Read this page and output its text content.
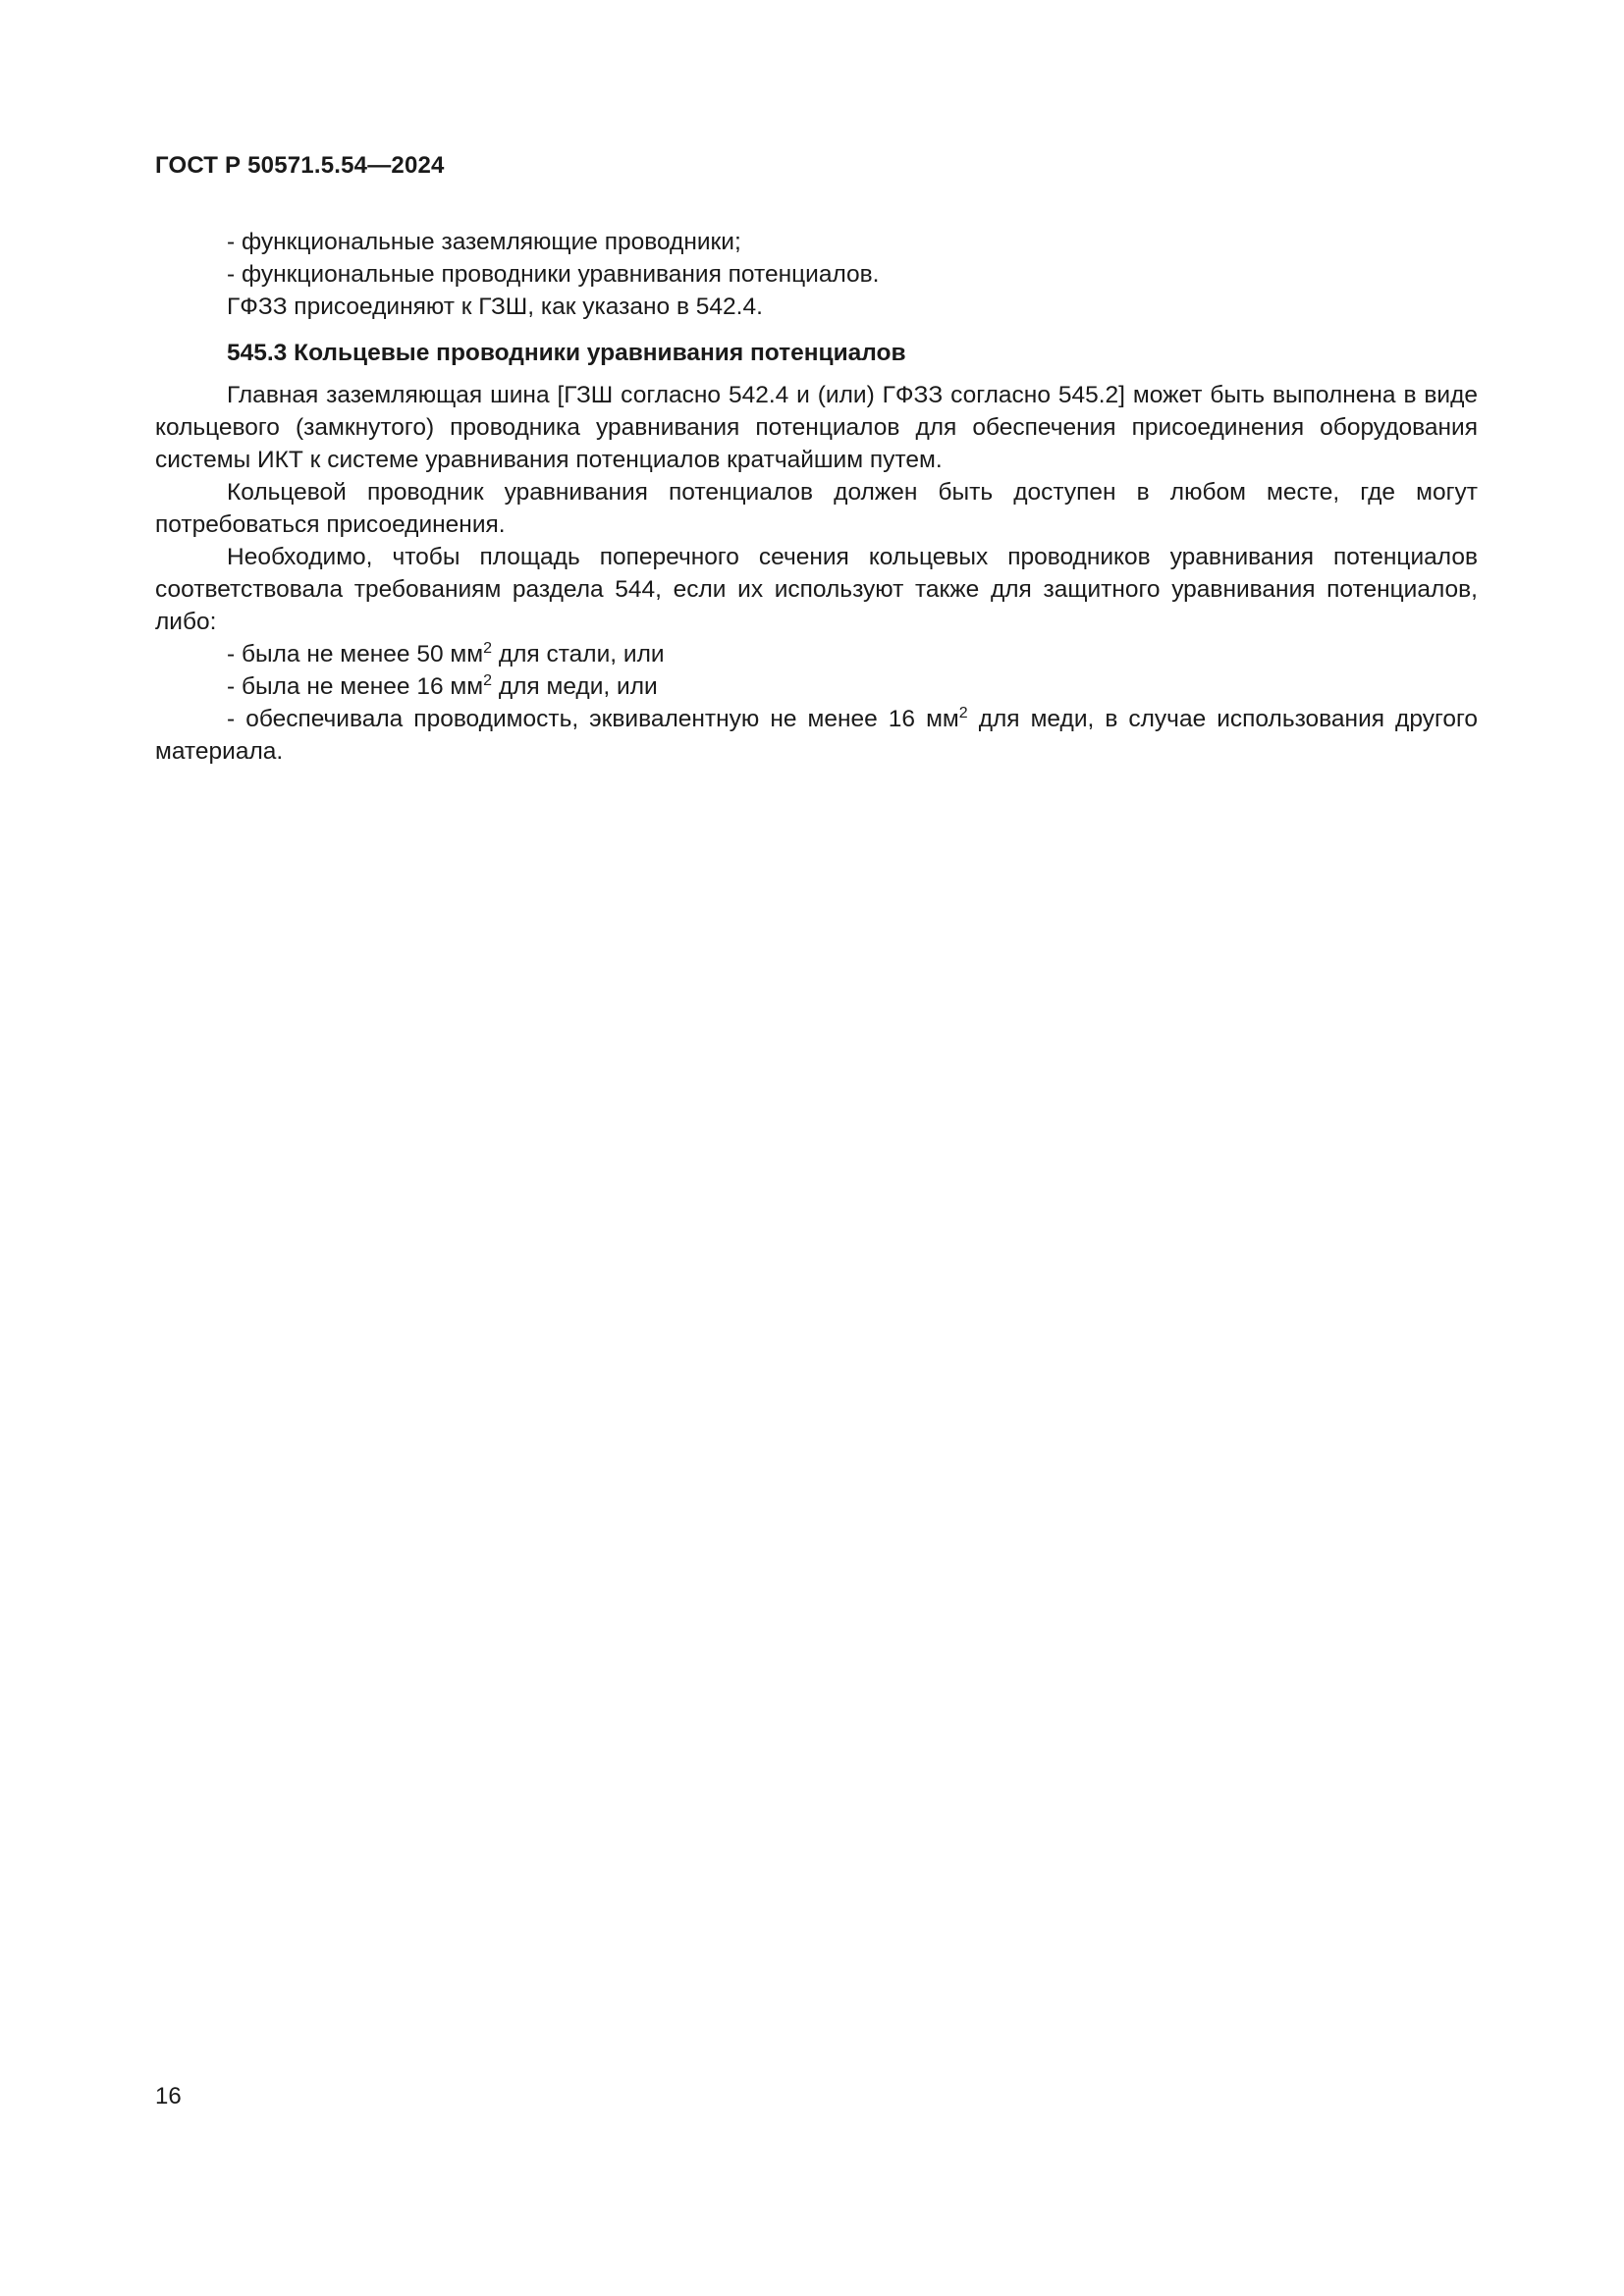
ГОСТ Р 50571.5.54—2024

- функциональные заземляющие проводники;

- функциональные проводники уравнивания потенциалов.

ГФЗЗ присоединяют к ГЗШ, как указано в 542.4.

545.3 Кольцевые проводники уравнивания потенциалов

Главная заземляющая шина [ГЗШ согласно 542.4 и (или) ГФЗЗ согласно 545.2] может быть выполнена в виде кольцевого (замкнутого) проводника уравнивания потенциалов для обеспечения присоединения оборудования системы ИКТ к системе уравнивания потенциалов кратчайшим путем.

Кольцевой проводник уравнивания потенциалов должен быть доступен в любом месте, где могут потребоваться присоединения.

Необходимо, чтобы площадь поперечного сечения кольцевых проводников уравнивания потенциалов соответствовала требованиям раздела 544, если их используют также для защитного уравнивания потенциалов, либо:

- была не менее 50 $мм^2$ для стали, или

- была не менее 16 $мм^2$ для меди, или

- обеспечивала проводимость, эквивалентную не менее 16 $мм^2$ для меди, в случае использования другого материала.

16
